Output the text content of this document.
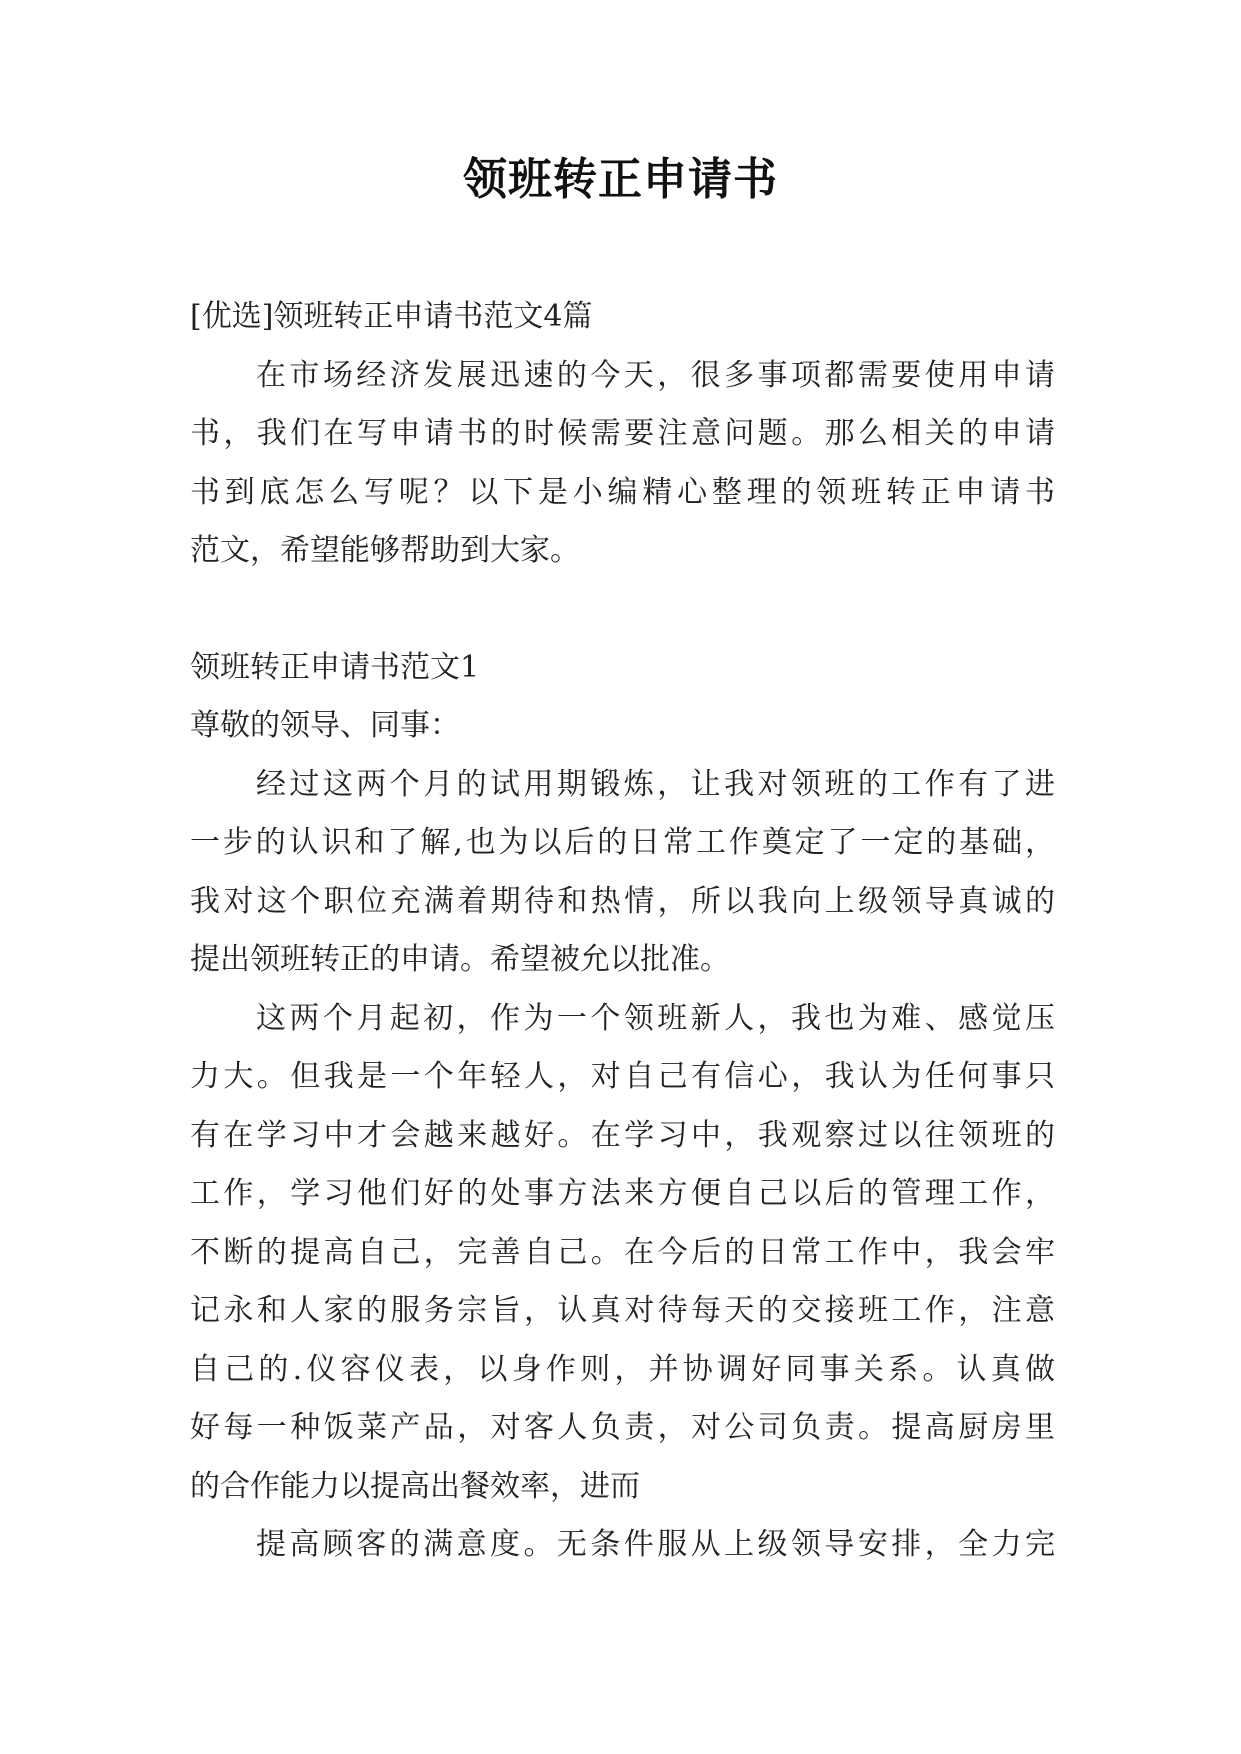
领班转正申请书
[优选]领班转正申请书范文4篇
在市场经济发展迅速的今天，很多事项都需要使用申请
书，我们在写申请书的时候需要注意问题。那么相关的申请
书到底怎么写呢？以下是小编精心整理的领班转正申请书
范文，希望能够帮助到大家。
领班转正申请书范文1
尊敬的领导、同事：
经过这两个月的试用期锻炼，让我对领班的工作有了进
一步的认识和了解,也为以后的日常工作奠定了一定的基础，
我对这个职位充满着期待和热情，所以我向上级领导真诚的
提出领班转正的申请。希望被允以批准。
这两个月起初，作为一个领班新人，我也为难、感觉压
力大。但我是一个年轻人，对自己有信心，我认为任何事只
有在学习中才会越来越好。在学习中，我观察过以往领班的
工作，学习他们好的处事方法来方便自己以后的管理工作，
不断的提高自己，完善自己。在今后的日常工作中，我会牢
记永和人家的服务宗旨，认真对待每天的交接班工作，注意
自己的.仪容仪表，以身作则，并协调好同事关系。认真做
好每一种饭菜产品，对客人负责，对公司负责。提高厨房里
的合作能力以提高出餐效率，进而
提高顾客的满意度。无条件服从上级领导安排，全力完
